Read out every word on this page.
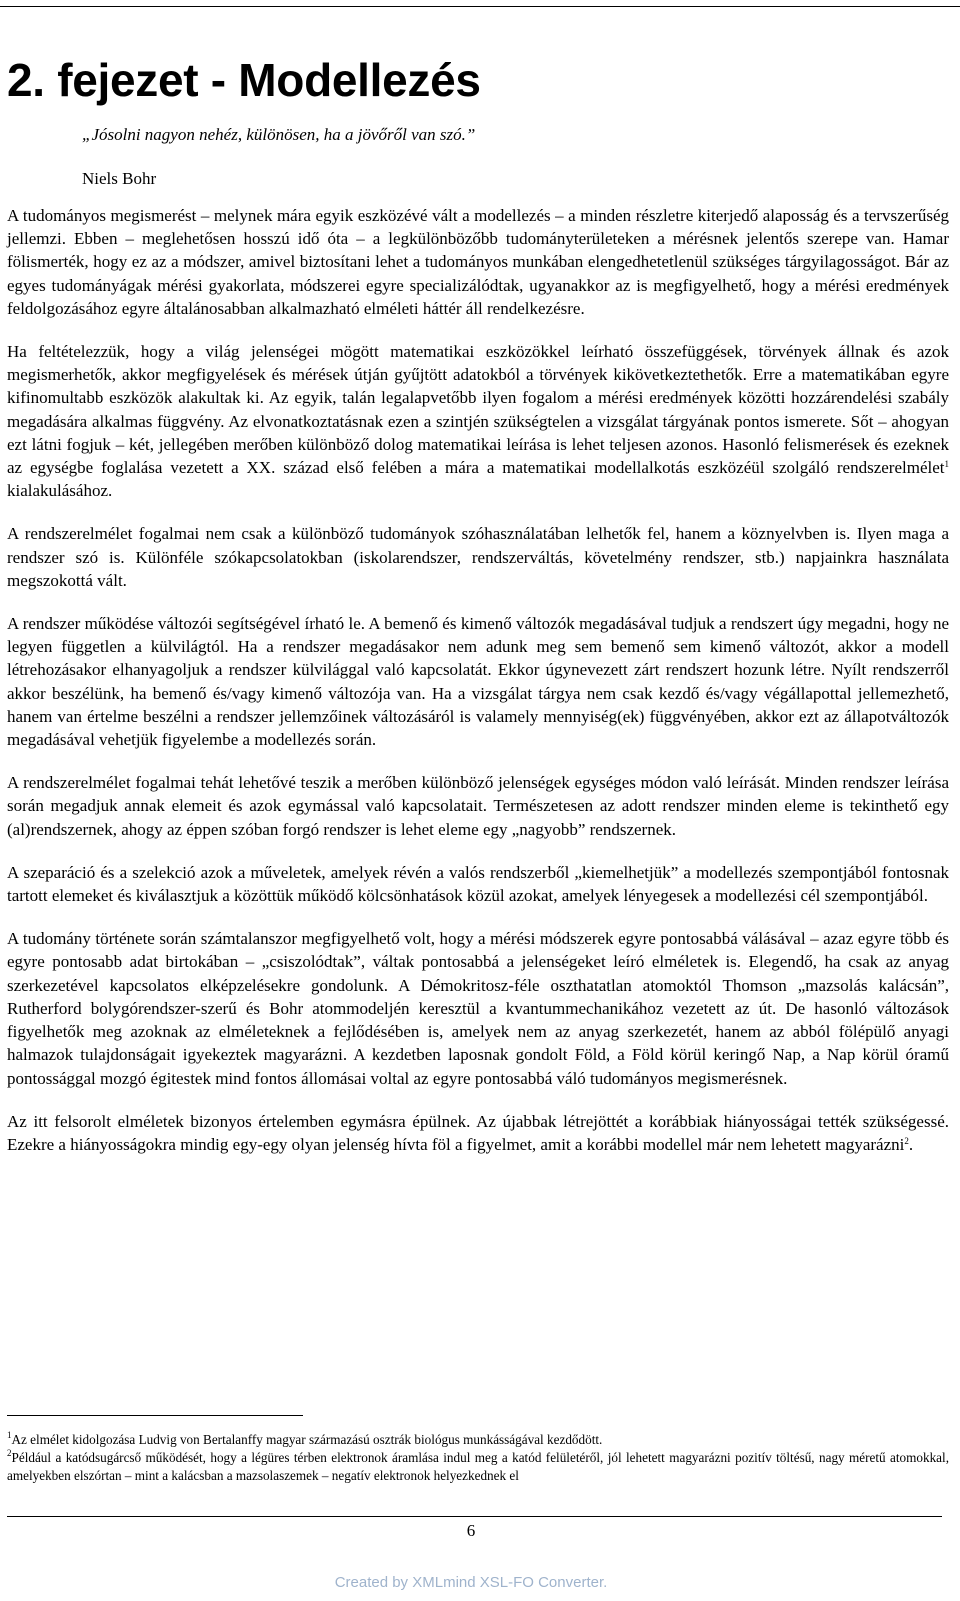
2. fejezet - Modellezés
„Jósolni nagyon nehéz, különösen, ha a jövőről van szó.”
Niels Bohr

A tudományos megismerést – melynek mára egyik eszközévé vált a modellezés – a minden részletre kiterjedő alaposság és a tervszerűség jellemzi. Ebben – meglehetősen hosszú idő óta – a legkülönbözőbb tudományterületeken a mérésnek jelentős szerepe van. Hamar fölismerték, hogy ez az a módszer, amivel biztosítani lehet a tudományos munkában elengedhetetlenül szükséges tárgyilagosságot. Bár az egyes tudományágak mérési gyakorlata, módszerei egyre specializálódtak, ugyanakkor az is megfigyelhető, hogy a mérési eredmények feldolgozásához egyre általánosabban alkalmazható elméleti háttér áll rendelkezésre.

Ha feltételezzük, hogy a világ jelenségei mögött matematikai eszközökkel leírható összefüggések, törvények állnak és azok megismerhetők, akkor megfigyelések és mérések útján gyűjtött adatokból a törvények kikövetkeztethetők. Erre a matematikában egyre kifinomultabb eszközök alakultak ki. Az egyik, talán legalapvetőbb ilyen fogalom a mérési eredmények közötti hozzárendelési szabály megadására alkalmas függvény. Az elvonatkoztatásnak ezen a szintjén szükségtelen a vizsgálat tárgyának pontos ismerete. Sőt – ahogyan ezt látni fogjuk – két, jellegében merőben különböző dolog matematikai leírása is lehet teljesen azonos. Hasonló felismerések és ezeknek az egységbe foglalása vezetett a XX. század első felében a mára a matematikai modellalkotás eszközéül szolgáló rendszerelmélet$^1$ kialakulásához.

A rendszerelmélet fogalmai nem csak a különböző tudományok szóhasználatában lelhetők fel, hanem a köznyelvben is. Ilyen maga a rendszer szó is. Különféle szókapcsolatokban (iskolarendszer, rendszerváltás, követelmény rendszer, stb.) napjainkra használata megszokottá vált.

A rendszer működése változói segítségével írható le. A bemenő és kimenő változók megadásával tudjuk a rendszert úgy megadni, hogy ne legyen független a külvilágtól. Ha a rendszer megadásakor nem adunk meg sem bemenő sem kimenő változót, akkor a modell létrehozásakor elhanyagoljuk a rendszer külvilággal való kapcsolatát. Ekkor úgynevezett zárt rendszert hozunk létre. Nyílt rendszerről akkor beszélünk, ha bemenő és/vagy kimenő változója van. Ha a vizsgálat tárgya nem csak kezdő és/vagy végállapottal jellemezhető, hanem van értelme beszélni a rendszer jellemzőinek változásáról is valamely mennyiség(ek) függvényében, akkor ezt az állapotváltozók megadásával vehetjük figyelembe a modellezés során.

A rendszerelmélet fogalmai tehát lehetővé teszik a merőben különböző jelenségek egységes módon való leírását. Minden rendszer leírása során megadjuk annak elemeit és azok egymással való kapcsolatait. Természetesen az adott rendszer minden eleme is tekinthető egy (al)rendszernek, ahogy az éppen szóban forgó rendszer is lehet eleme egy „nagyobb” rendszernek.

A szeparáció és a szelekció azok a műveletek, amelyek révén a valós rendszerből „kiemelhetjük” a modellezés szempontjából fontosnak tartott elemeket és kiválasztjuk a közöttük működő kölcsönhatások közül azokat, amelyek lényegesek a modellezési cél szempontjából.

A tudomány története során számtalanszor megfigyelhető volt, hogy a mérési módszerek egyre pontosabbá válásával – azaz egyre több és egyre pontosabb adat birtokában – „csiszolódtak”, váltak pontosabbá a jelenségeket leíró elméletek is. Elegendő, ha csak az anyag szerkezetével kapcsolatos elképzelésekre gondolunk. A Démokritosz-féle oszthatatlan atomoktól Thomson „mazsolás kalácsán”, Rutherford bolygórendszer-szerű és Bohr atommodeljén keresztül a kvantummechanikához vezetett az út. De hasonló változások figyelhetők meg azoknak az elméleteknek a fejlődésében is, amelyek nem az anyag szerkezetét, hanem az abból fölépülő anyagi halmazok tulajdonságait igyekeztek magyarázni. A kezdetben laposnak gondolt Föld, a Föld körül keringő Nap, a Nap körül óramű pontossággal mozgó égitestek mind fontos állomásai voltal az egyre pontosabbá váló tudományos megismerésnek.

Az itt felsorolt elméletek bizonyos értelemben egymásra épülnek. Az újabbak létrejöttét a korábbiak hiányosságai tették szükségessé. Ezekre a hiányosságokra mindig egy-egy olyan jelenség hívta föl a figyelmet, amit a korábbi modellel már nem lehetett magyarázni$^2$.

$^1$Az elmélet kidolgozása Ludvig von Bertalanffy magyar származású osztrák biológus munkásságával kezdődött.

$^2$Például a katódsugárcső működését, hogy a légüres térben elektronok áramlása indul meg a katód felületéről, jól lehetett magyarázni pozitív töltésű, nagy méretű atomokkal, amelyekben elszórtan – mint a kalácsban a mazsolaszemek – negatív elektronok helyezkednek el

6
Created by XMLmind XSL-FO Converter.
